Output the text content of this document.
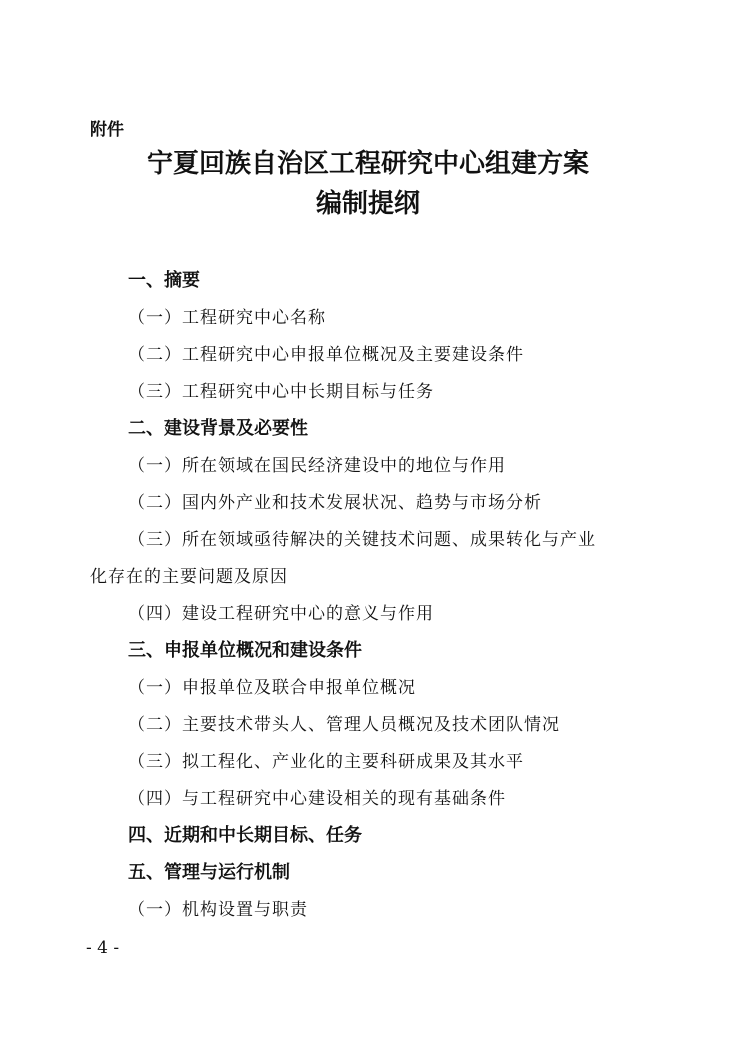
附件
宁夏回族自治区工程研究中心组建方案
编制提纲
一、摘要
（一）工程研究中心名称
（二）工程研究中心申报单位概况及主要建设条件
（三）工程研究中心中长期目标与任务
二、建设背景及必要性
（一）所在领域在国民经济建设中的地位与作用
（二）国内外产业和技术发展状况、趋势与市场分析
（三）所在领域亟待解决的关键技术问题、成果转化与产业
化存在的主要问题及原因
（四）建设工程研究中心的意义与作用
三、申报单位概况和建设条件
（一）申报单位及联合申报单位概况
（二）主要技术带头人、管理人员概况及技术团队情况
（三）拟工程化、产业化的主要科研成果及其水平
（四）与工程研究中心建设相关的现有基础条件
四、近期和中长期目标、任务
五、管理与运行机制
（一）机构设置与职责
- 4 -
